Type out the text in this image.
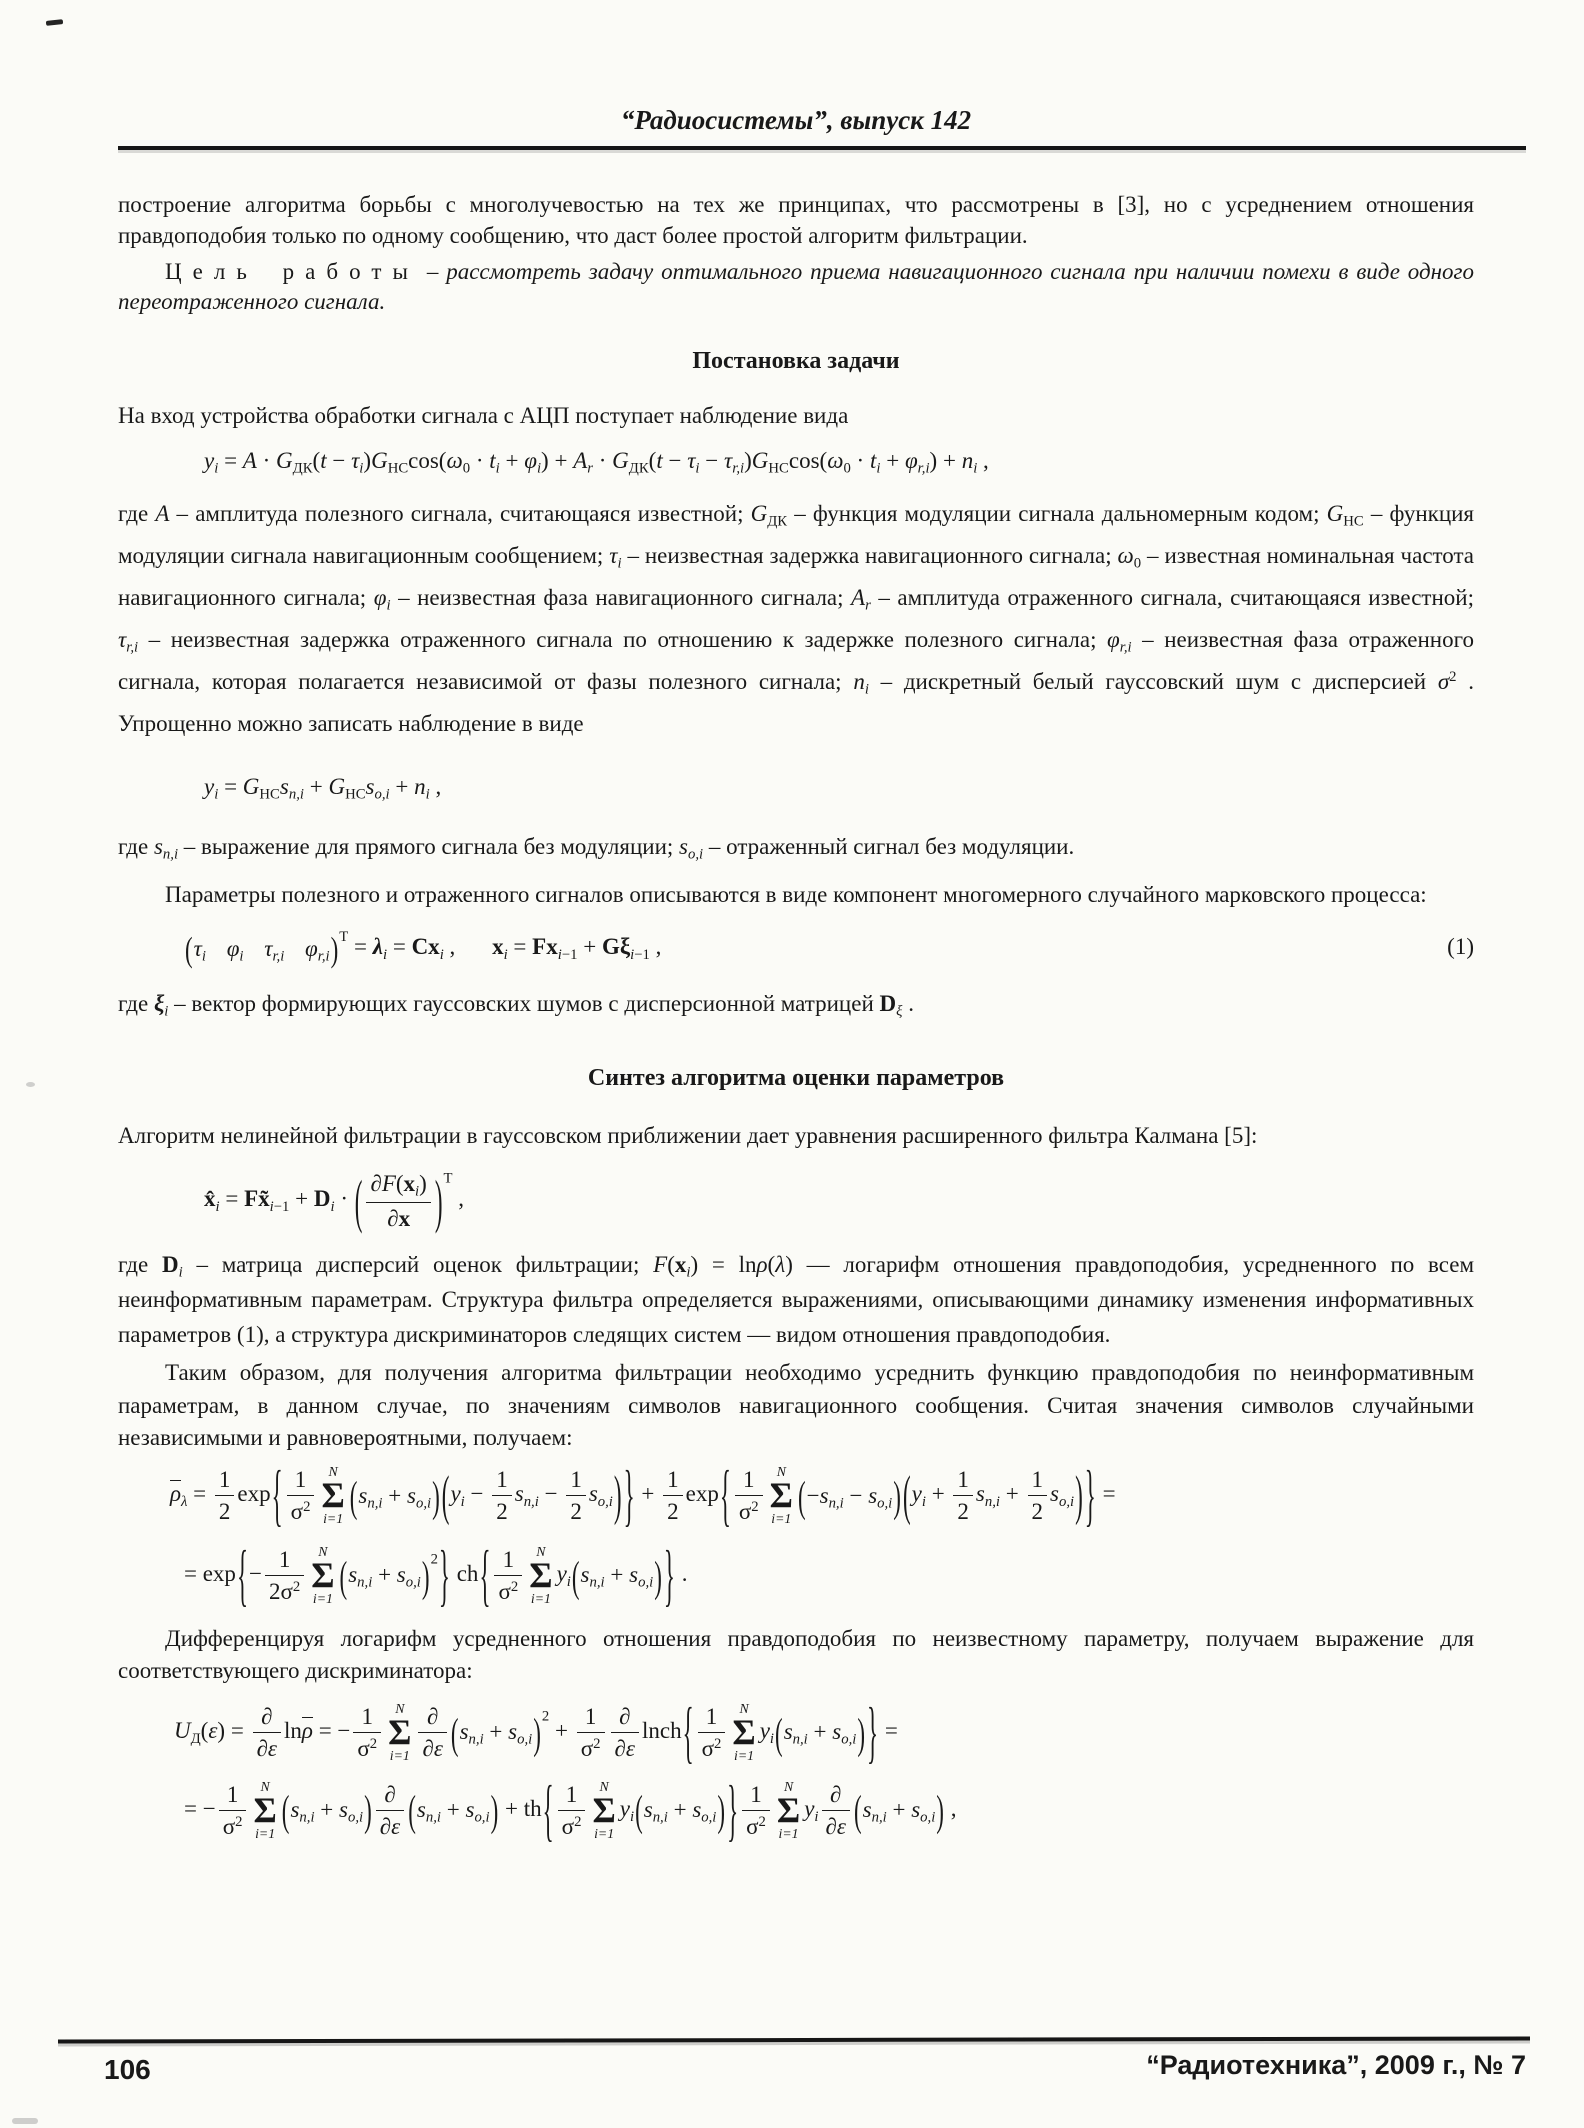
“Радиосистемы”, выпуск 142

построение алгоритма борьбы с многолучевостью на тех же принципах, что рассмотрены в [3], но с усреднением отношения правдоподобия только по одному сообщению, что даст более простой алгоритм фильтрации.

Цель работы – рассмотреть задачу оптимального приема навигационного сигнала при наличии помехи в виде одного переотраженного сигнала.

Постановка задачи

На вход устройства обработки сигнала с АЦП поступает наблюдение вида

$y_i = A \cdot G_{ДК}(t - \tau_i)G_{НС}\cos(\omega_0 \cdot t_i + \varphi_i) + A_r \cdot G_{ДК}(t - \tau_i - \tau_{r,i})G_{НС}\cos(\omega_0 \cdot t_i + \varphi_{r,i}) + n_i$ ,

где A – амплитуда полезного сигнала, считающаяся известной; $G_{ДК}$ – функция модуляции сигнала дальномерным кодом; $G_{НС}$ – функция модуляции сигнала навигационным сообщением; $\tau_i$ – неизвестная задержка навигационного сигнала; $\omega_0$ – известная номинальная частота навигационного сигнала; $\varphi_i$ – неизвестная фаза навигационного сигнала; $A_r$ – амплитуда отраженного сигнала, считающаяся известной; $\tau_{r,i}$ – неизвестная задержка отраженного сигнала по отношению к задержке полезного сигнала; $\varphi_{r,i}$ – неизвестная фаза отраженного сигнала, которая полагается независимой от фазы полезного сигнала; $n_i$ – дискретный белый гауссовский шум с дисперсией $\sigma^2$ . Упрощенно можно записать наблюдение в виде

$y_i = G_{НС}s_{п,i} + G_{НС}s_{о,i} + n_i$ ,

где $s_{п,i}$ – выражение для прямого сигнала без модуляции; $s_{о,i}$ – отраженный сигнал без модуляции.

Параметры полезного и отраженного сигналов описываются в виде компонент многомерного случайного марковского процесса:

($\tau_i$ $\varphi_i$ $\tau_{r,i}$ $\varphi_{r,i})^Т = \lambda_i = Cx_i$ , $x_i = Fx_{i-1} + G\xi_{i-1}$ ,	(1)

где $\xi_i$ – вектор формирующих гауссовских шумов с дисперсионной матрицей $D_\xi$ .

Синтез алгоритма оценки параметров

Алгоритм нелинейной фильтрации в гауссовском приближении дает уравнения расширенного фильтра Калмана [5]:

$x̂_i$ = $Fx̃_{i-1} + D_i$ · ( $\frac{\partial F(x_i)}{\partial x} )^Т$ ,

где $D_i$ – матрица дисперсий оценок фильтрации; $F(x_i) = \ln\rho(\lambda)$ — логарифм отношения правдоподобия, усредненного по всем неинформативным параметрам. Структура фильтра определяется выражениями, описывающими динамику изменения информативных параметров (1), а структура дискриминаторов следящих систем — видом отношения правдоподобия.

Таким образом, для получения алгоритма фильтрации необходимо усреднить функцию правдоподобия по неинформативным параметрам, в данном случае, по значениям символов навигационного сообщения. Считая значения символов случайными независимыми и равновероятными, получаем:

$\rho_\lambda = \frac{1}{2} \exp\{ \frac{1}{\sigma^2}$	N
Σ
i=1 $(s_{п,i} + s_{о,i})(y_i - \frac{1}{2} s_{п,i} - \frac{1}{2} s_{о,i})\} + \frac{1}{2} \exp\{ \frac{1}{\sigma^2}$	N
Σ
i=1 $(-s_{п,i} - s_{о,i})(y_i + \frac{1}{2} s_{п,i} + \frac{1}{2} s_{о,i})$} =
= $\exp\{- \frac{1}{2\sigma^2}$	N
Σ
i=1 $(s_{п,i} + s_{о,i})^2$} $ch\{ \frac{1}{\sigma^2}$	N
Σ
i=1
$y_i(s_{п,i} + s_{о,i})$} .

Дифференцируя логарифм усредненного отношения правдоподобия по неизвестному параметру, получаем выражение для соответствующего дискриминатора:

$U_Д(\varepsilon) = \frac{\partial}{\partial\varepsilon}$ lnρ = − $\frac{1}{\sigma^2}$	N
Σ
$i=1 \frac{\partial}{\partial\varepsilon} (s_{п,i} + s_{о,i})^2 + \frac{1}{\sigma^2} \frac{\partial}{\partial\varepsilon}$ lnch{ $\frac{1}{\sigma^2}$	N
Σ
i=1
$y_i(s_{п,i} + s_{о,i})$} =
= − $\frac{1}{\sigma^2}$	N
Σ
i=1 $(s_{п,i} + s_{о,i}) \frac{\partial}{\partial\varepsilon} (s_{п,i} + s_{о,i}) + th\{ \frac{1}{\sigma^2}$	N
Σ
i=1
$y_i(s_{п,i} + s_{о,i})\} \frac{1}{\sigma^2}$	N
Σ
i=1
$y_i \frac{\partial}{\partial\varepsilon} (s_{п,i} + s_{о,i})$ ,
106	“Радиотехника”, 2009 г., № 7
